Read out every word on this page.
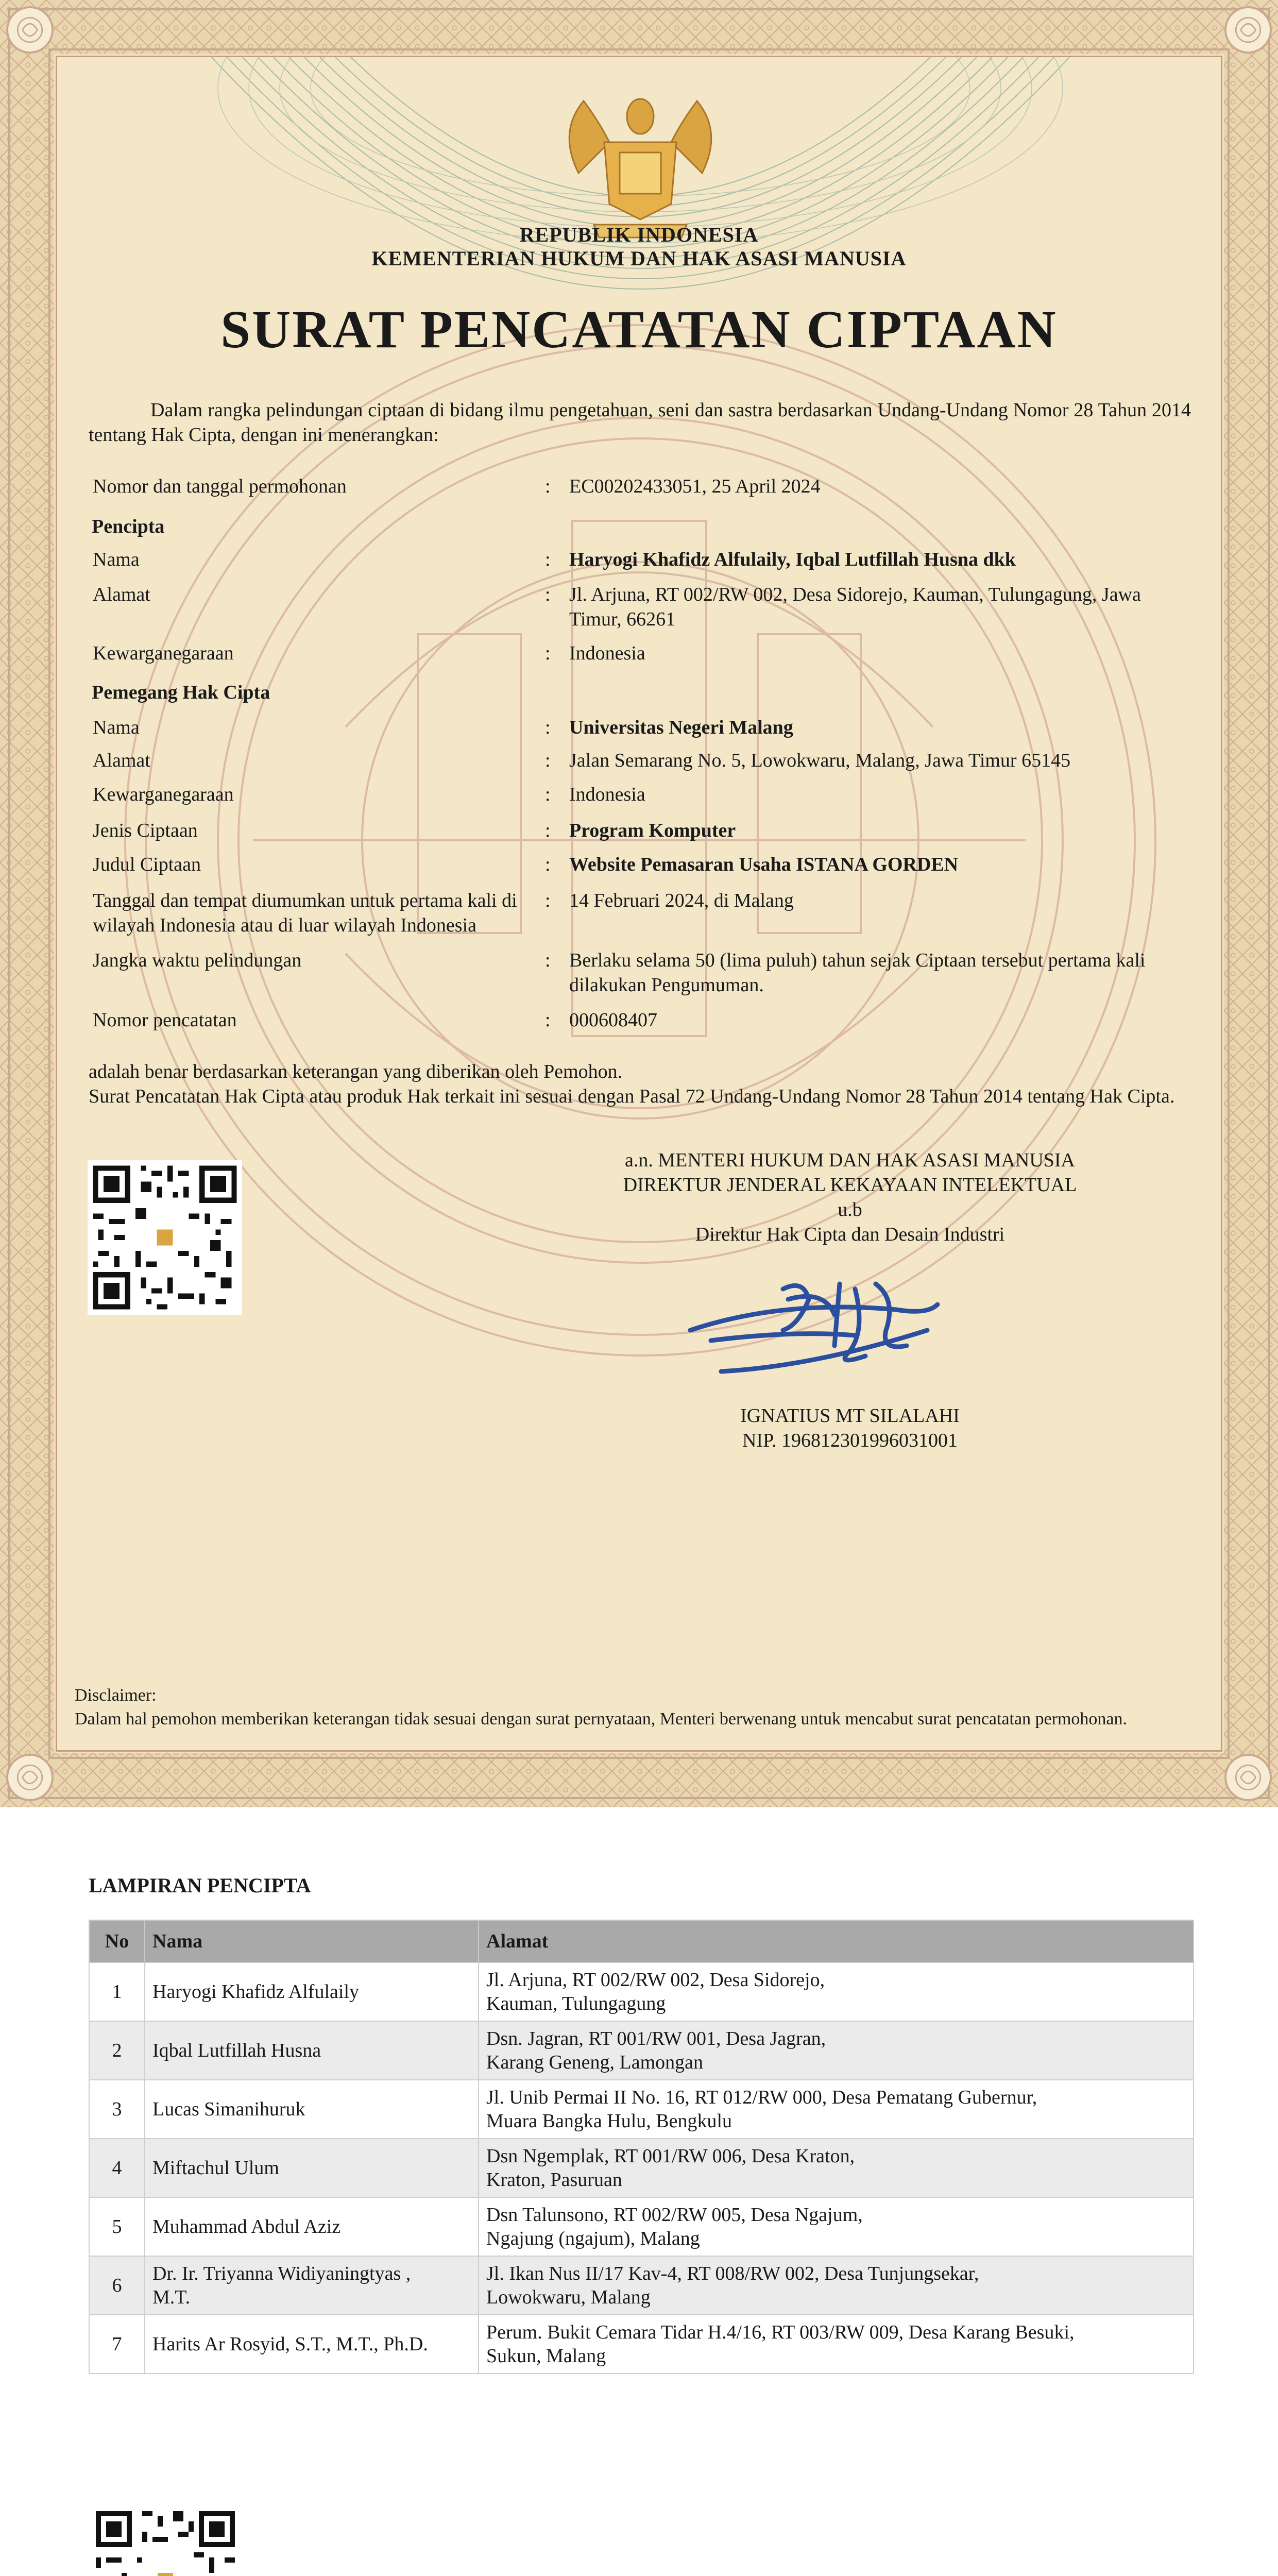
REPUBLIK INDONESIA
KEMENTERIAN HUKUM DAN HAK ASASI MANUSIA
SURAT PENCATATAN CIPTAAN
Dalam rangka pelindungan ciptaan di bidang ilmu pengetahuan, seni dan sastra berdasarkan Undang-Undang Nomor 28 Tahun 2014 tentang Hak Cipta, dengan ini menerangkan:
Nomor dan tanggal permohonan	: EC00202433051, 25 April 2024
Pencipta
Nama	: Haryogi Khafidz Alfulaily, Iqbal Lutfillah Husna dkk
Alamat	: Jl. Arjuna, RT 002/RW 002, Desa Sidorejo, Kauman, Tulungagung, Jawa Timur, 66261
Kewarganegaraan	: Indonesia
Pemegang Hak Cipta
Nama	: Universitas Negeri Malang
Alamat	: Jalan Semarang No. 5, Lowokwaru, Malang, Jawa Timur 65145
Kewarganegaraan	: Indonesia
Jenis Ciptaan	: Program Komputer
Judul Ciptaan	: Website Pemasaran Usaha ISTANA GORDEN
Tanggal dan tempat diumumkan untuk pertama kali di wilayah Indonesia atau di luar wilayah Indonesia
: 14 Februari 2024, di Malang
Jangka waktu pelindungan	: Berlaku selama 50 (lima puluh) tahun sejak Ciptaan tersebut pertama kali dilakukan Pengumuman.
Nomor pencatatan	: 000608407
adalah benar berdasarkan keterangan yang diberikan oleh Pemohon.
Surat Pencatatan Hak Cipta atau produk Hak terkait ini sesuai dengan Pasal 72 Undang-Undang Nomor 28 Tahun 2014 tentang Hak Cipta.
a.n. MENTERI HUKUM DAN HAK ASASI MANUSIA
DIREKTUR JENDERAL KEKAYAAN INTELEKTUAL
u.b
Direktur Hak Cipta dan Desain Industri
IGNATIUS MT SILALAHI
NIP. 196812301996031001
Disclaimer:
Dalam hal pemohon memberikan keterangan tidak sesuai dengan surat pernyataan, Menteri berwenang untuk mencabut surat pencatatan permohonan.
LAMPIRAN PENCIPTA
No	Nama	Alamat
1	Haryogi Khafidz Alfulaily	Jl. Arjuna, RT 002/RW 002, Desa Sidorejo,
Kauman, Tulungagung
2	Iqbal Lutfillah Husna	Dsn. Jagran, RT 001/RW 001, Desa Jagran,
Karang Geneng, Lamongan
3	Lucas Simanihuruk	Jl. Unib Permai II No. 16, RT 012/RW 000, Desa Pematang Gubernur,
Muara Bangka Hulu, Bengkulu
4	Miftachul Ulum	Dsn Ngemplak, RT 001/RW 006, Desa Kraton,
Kraton, Pasuruan
5	Muhammad Abdul Aziz	Dsn Talunsono, RT 002/RW 005, Desa Ngajum,
Ngajung (ngajum), Malang
6	Dr. Ir. Triyanna Widiyaningtyas ,
M.T.	Jl. Ikan Nus II/17 Kav-4, RT 008/RW 002, Desa Tunjungsekar,
Lowokwaru, Malang
7	Harits Ar Rosyid, S.T., M.T., Ph.D.	Perum. Bukit Cemara Tidar H.4/16, RT 003/RW 009, Desa Karang Besuki,
Sukun, Malang
